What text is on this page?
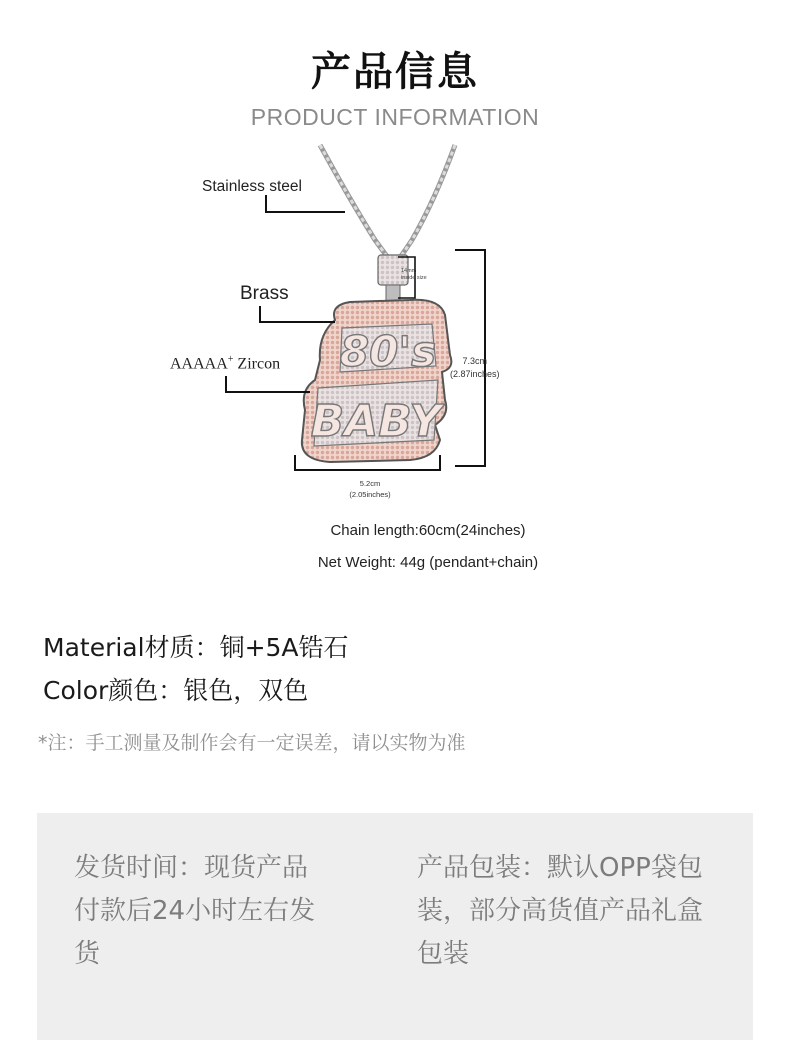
产品信息
PRODUCT INFORMATION
80's
BABY
Stainless steel
Brass
AAAAA+ Zircon
14mm
inside size
7.3cm
(2.87inches)
5.2cm
(2.05inches)
Chain length:60cm(24inches)
Net Weight: 44g (pendant+chain)
Material材质：铜+5A锆石
Color颜色：银色，双色
*注：手工测量及制作会有一定误差，请以实物为准
发货时间：现货产品付款后24小时左右发货
产品包装：默认OPP袋包装，部分高货值产品礼盒包装
